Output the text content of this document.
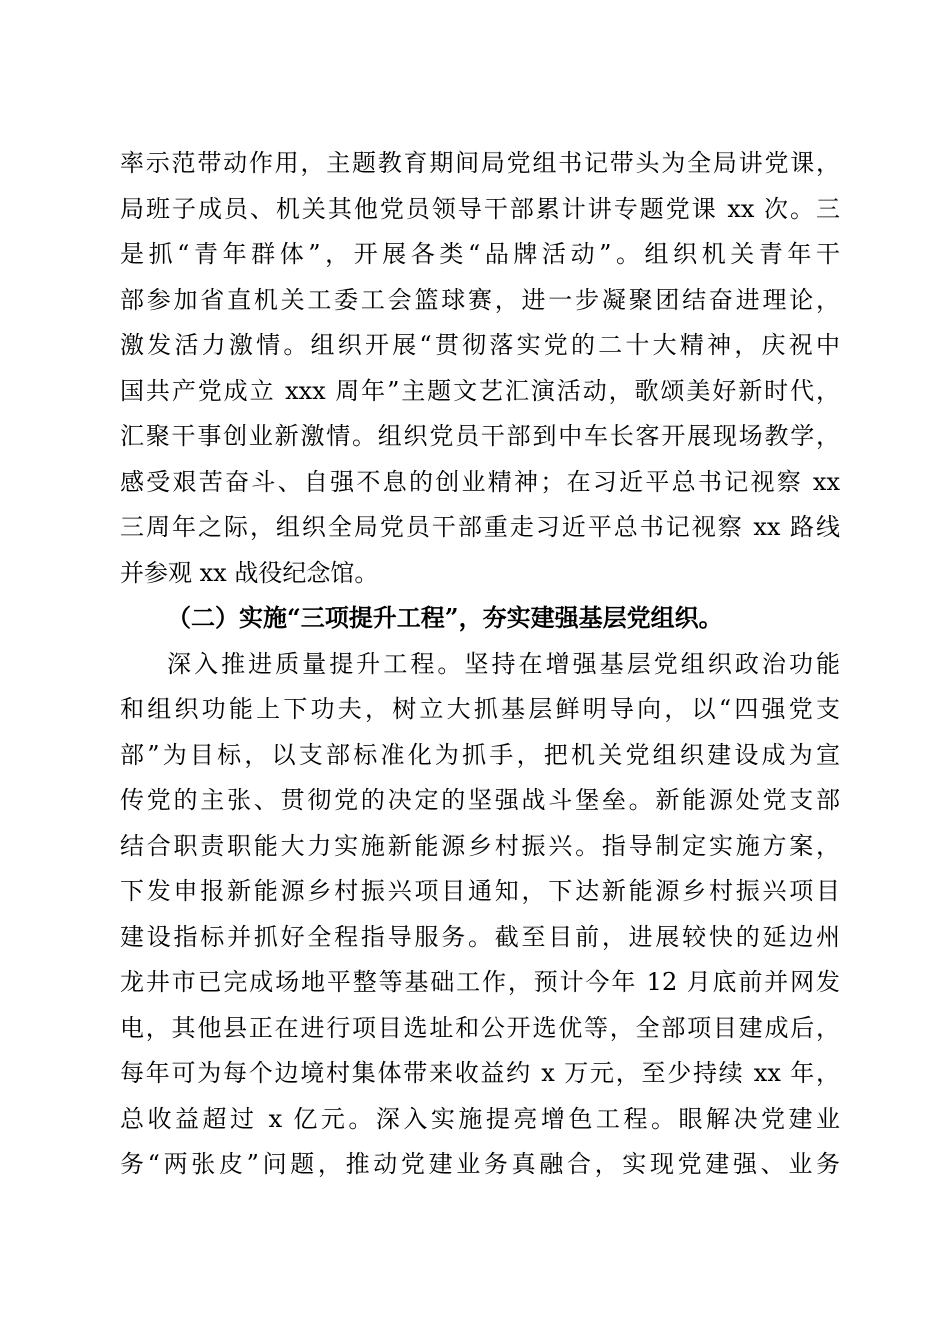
率示范带动作用，主题教育期间局党组书记带头为全局讲党课，
局班子成员、机关其他党员领导干部累计讲专题党课 xx 次。三
是抓“青年群体”，开展各类“品牌活动”。组织机关青年干
部参加省直机关工委工会篮球赛，进一步凝聚团结奋进理论，
激发活力激情。组织开展“贯彻落实党的二十大精神，庆祝中
国共产党成立 xxx 周年”主题文艺汇演活动，歌颂美好新时代，
汇聚干事创业新激情。组织党员干部到中车长客开展现场教学，
感受艰苦奋斗、自强不息的创业精神；在习近平总书记视察 xx
三周年之际，组织全局党员干部重走习近平总书记视察 xx 路线
并参观 xx 战役纪念馆。
（二）实施“三项提升工程”，夯实建强基层党组织。
深入推进质量提升工程。坚持在增强基层党组织政治功能
和组织功能上下功夫，树立大抓基层鲜明导向，以“四强党支
部”为目标，以支部标准化为抓手，把机关党组织建设成为宣
传党的主张、贯彻党的决定的坚强战斗堡垒。新能源处党支部
结合职责职能大力实施新能源乡村振兴。指导制定实施方案，
下发申报新能源乡村振兴项目通知，下达新能源乡村振兴项目
建设指标并抓好全程指导服务。截至目前，进展较快的延边州
龙井市已完成场地平整等基础工作，预计今年 12 月底前并网发
电，其他县正在进行项目选址和公开选优等，全部项目建成后，
每年可为每个边境村集体带来收益约 x 万元，至少持续 xx 年，
总收益超过 x 亿元。深入实施提亮增色工程。眼解决党建业
务“两张皮”问题，推动党建业务真融合，实现党建强、业务
